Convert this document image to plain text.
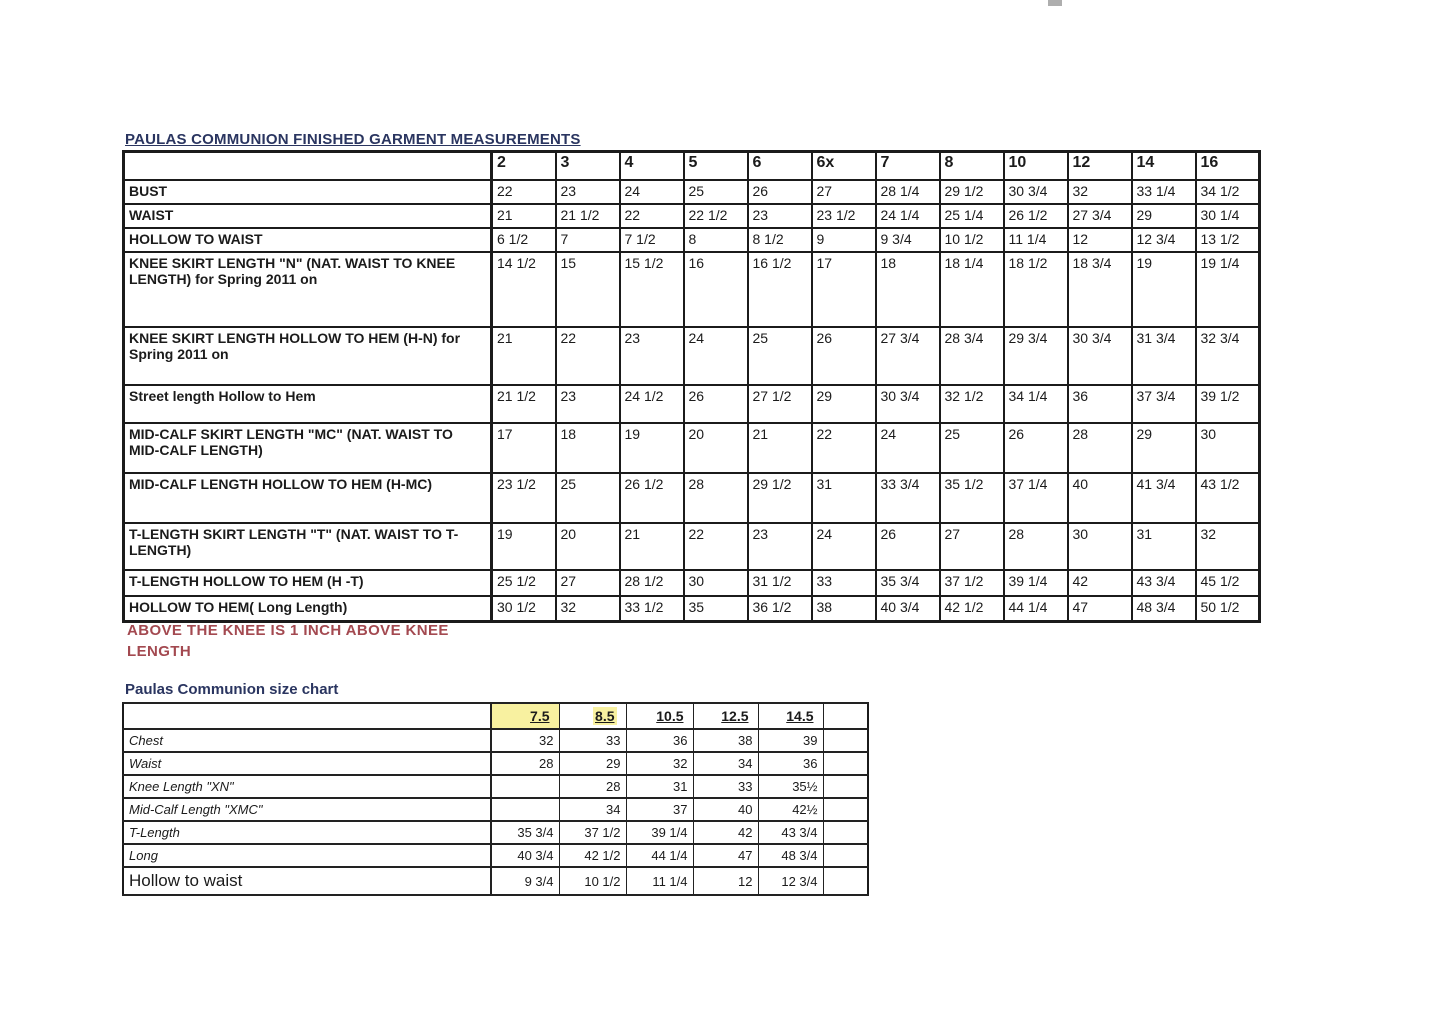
PAULAS COMMUNION FINISHED GARMENT MEASUREMENTS
	2	3	4	5	6	6x	7	8	10	12	14	16
BUST	22	23	24	25	26	27	28 1/4	29 1/2	30 3/4	32	33 1/4	34 1/2
WAIST	21	21 1/2	22	22 1/2	23	23 1/2	24 1/4	25 1/4	26 1/2	27 3/4	29	30 1/4
HOLLOW TO WAIST	6 1/2	7	7 1/2	8	8 1/2	9	9 3/4	10 1/2	11 1/4	12	12 3/4	13 1/2
KNEE SKIRT LENGTH "N" (NAT. WAIST TO KNEE LENGTH) for Spring 2011 on	14 1/2	15	15 1/2	16	16 1/2	17	18	18 1/4	18 1/2	18 3/4	19	19 1/4
KNEE SKIRT LENGTH HOLLOW TO HEM (H-N) for Spring 2011 on	21	22	23	24	25	26	27 3/4	28 3/4	29 3/4	30 3/4	31 3/4	32 3/4
Street length Hollow to Hem	21 1/2	23	24 1/2	26	27 1/2	29	30 3/4	32 1/2	34 1/4	36	37 3/4	39 1/2
MID-CALF SKIRT LENGTH "MC" (NAT. WAIST TO MID-CALF LENGTH)	17	18	19	20	21	22	24	25	26	28	29	30
MID-CALF LENGTH HOLLOW TO HEM (H-MC)	23 1/2	25	26 1/2	28	29 1/2	31	33 3/4	35 1/2	37 1/4	40	41 3/4	43 1/2
T-LENGTH SKIRT LENGTH "T" (NAT. WAIST TO T-LENGTH)	19	20	21	22	23	24	26	27	28	30	31	32
T-LENGTH HOLLOW TO HEM (H -T)	25 1/2	27	28 1/2	30	31 1/2	33	35 3/4	37 1/2	39 1/4	42	43 3/4	45 1/2
HOLLOW TO HEM( Long Length)	30 1/2	32	33 1/2	35	36 1/2	38	40 3/4	42 1/2	44 1/4	47	48 3/4	50 1/2
ABOVE THE KNEE IS 1 INCH ABOVE KNEE
LENGTH
Paulas Communion size chart
	7.5	8.5	10.5	12.5	14.5	
Chest	32	33	36	38	39	
Waist	28	29	32	34	36	
Knee Length "XN"		28	31	33	35½	
Mid-Calf Length "XMC"		34	37	40	42½	
T-Length	35 3/4	37 1/2	39 1/4	42	43 3/4	
Long	40 3/4	42 1/2	44 1/4	47	48 3/4	
Hollow to waist	9 3/4	10 1/2	11 1/4	12	12 3/4	
